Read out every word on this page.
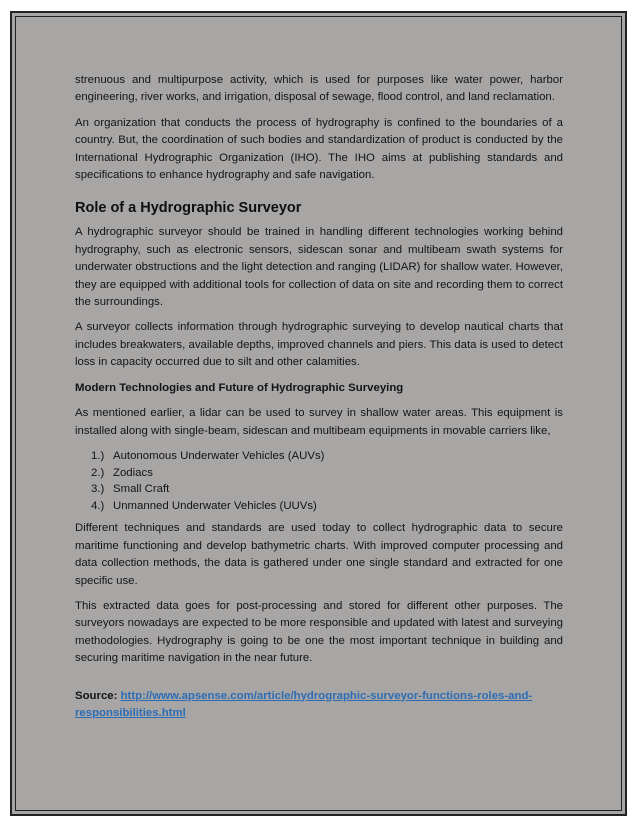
strenuous and multipurpose activity, which is used for purposes like water power, harbor engineering, river works, and irrigation, disposal of sewage, flood control, and land reclamation.

An organization that conducts the process of hydrography is confined to the boundaries of a country. But, the coordination of such bodies and standardization of product is conducted by the International Hydrographic Organization (IHO). The IHO aims at publishing standards and specifications to enhance hydrography and safe navigation.

Role of a Hydrographic Surveyor

A hydrographic surveyor should be trained in handling different technologies working behind hydrography, such as electronic sensors, sidescan sonar and multibeam swath systems for underwater obstructions and the light detection and ranging (LIDAR) for shallow water. However, they are equipped with additional tools for collection of data on site and recording them to correct the surroundings.

A surveyor collects information through hydrographic surveying to develop nautical charts that includes breakwaters, available depths, improved channels and piers. This data is used to detect loss in capacity occurred due to silt and other calamities.

Modern Technologies and Future of Hydrographic Surveying

As mentioned earlier, a lidar can be used to survey in shallow water areas. This equipment is installed along with single-beam, sidescan and multibeam equipments in movable carriers like,

1.) Autonomous Underwater Vehicles (AUVs)
2.) Zodiacs
3.) Small Craft
4.) Unmanned Underwater Vehicles (UUVs)

Different techniques and standards are used today to collect hydrographic data to secure maritime functioning and develop bathymetric charts. With improved computer processing and data collection methods, the data is gathered under one single standard and extracted for one specific use.

This extracted data goes for post-processing and stored for different other purposes. The surveyors nowadays are expected to be more responsible and updated with latest and surveying methodologies. Hydrography is going to be one the most important technique in building and securing maritime navigation in the near future.

Source: http://www.apsense.com/article/hydrographic-surveyor-functions-roles-and-responsibilities.html
